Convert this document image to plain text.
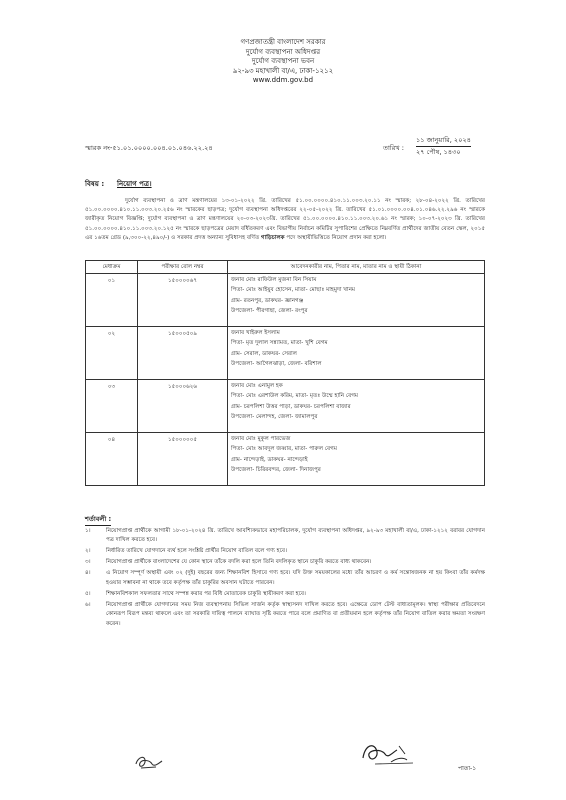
গণপ্রজাতন্ত্রী বাংলাদেশ সরকার
দুর্যোগ ব্যবস্থাপনা অধিদপ্তর
দুর্যোগ ব্যবস্থাপনা ভবন
৯২-৯৩ মহাখালী বা/এ, ঢাকা-১২১২
www.ddm.gov.bd
স্মারক নং-৫১.০১.০০০০.০০৪.০১.০৪৬.২২.২৪	তারিখ :
১১ জানুয়ারি, ২০২৪
২৭ পৌষ, ১৪৩০
বিষয় : নিয়োগ পত্র।
দুর্যোগ ব্যবস্থাপনা ও ত্রাণ মন্ত্রণালয়ের ১৩-০১-২০২২ খ্রি. তারিখের ৫১.০০.০০০০.৪১০.১১.০০৩.২০.১১ নং স্মারক; ২৮-০৪-২০২২ খ্রি. তারিখের ৫১.০০.০০০০.৪১০.১১.০০৩.২০.২৫৬ নং স্মারকের ছাড়পত্র; দুর্যোগ ব্যবস্থাপনা অধিদপ্তরের ২২-০৫-২০২২ খ্রি. তারিখের ৫১.০১.০০০০.০০৪.০১.০৪৬.২২.২৯৬ নং স্মারকে জারীকৃত নিয়োগ বিজ্ঞপ্তি; দুর্যোগ ব্যবস্থাপনা ও ত্রাণ মন্ত্রণালয়ের ২০-০৩-২০২৩খ্রি. তারিখের ৫১.০০.০০০০.৪১০.১১.০০৩.২০.৬১ নং স্মারক; ১০-০৭-২০২৩ খ্রি. তারিখের ৫১.০০.০০০০.৪১০.১১.০০৩.২০.১২৫ নং স্মারকে ছাড়পত্রের মেয়াদ বর্ধিতকরণ এবং বিভাগীয় নির্বাচন কমিটির সুপারিশের প্রেক্ষিতে নিম্নবর্ণিত প্রার্থীদের জাতীয় বেতন স্কেল, ২০১৫ এর ১৬তম গ্রেড (৯,৩০০-২২,৪৯০/-) ও সরকার প্রদত্ত অন্যান্য সুবিধাসহ বর্ণিত গাড়িচালক পদে অস্থায়ীভিত্তিতে নিয়োগ প্রদান করা হলো।
মেধাক্রম	পরীক্ষার রোল নম্বর	আবেদনকারীর নাম, পিতার নাম, মাতার নাম ও স্থায়ী ঠিকানা
০১	১৫০০০০৬৭	জনাব মোঃ রাফিউল মুজনা বিন সিয়াম
পিতা- মোঃ আইয়ুব হোসেন, মাতা- মোছাঃ মাহমুদা খানম
গ্রাম- রতনপুর, ডাকঘর- জ্ঞানগঞ্জ
উপজেলা- পীরগাছা, জেলা- রংপুর

০২	১৫০০০৫০৯	জনাব খাইরুল ইসলাম
পিতা- মৃত দুলাল সন্ন্যামত, মাতা- খুশি বেগম
গ্রাম- সেরাল, ডাকঘর- সেরাল
উপজেলা- আগৈলঝাড়া, জেলা- বরিশাল

০৩	১৫০০০৬২৬	জনাব মোঃ এনামুল হক
পিতা- মোঃ এরশাউল করিম, মাতা- মৃতঃ উম্মে হানি বেগম
গ্রাম- চরপলিশা উত্তর পাড়া, ডাকঘর- চরপলিশা বাজার
উপজেলা- মেলান্দহ, জেলা- জামালপুর

০৪	১৫০০০০০৫	জনাব মোঃ মুকুল পারভেজ
পিতা- মোঃ আবদুল জব্বার, মাতা- পারুল বেগম
গ্রাম- নান্দেড়াই, ডাকঘর- নান্দেড়াই
উপজেলা- চিরিরবন্দর, জেলা- দিনাজপুর
শর্তাবলী :
১।	নিয়োগপ্রাপ্ত প্রার্থীকে আগামী ১৮-০১-২০২৪ খ্রি. তারিখে আবশ্যিকভাবে মহাপরিচালক, দুর্যোগ ব্যবস্থাপনা অধিদপ্তর, ৯২-৯৩ মহাখালী বা/এ, ঢাকা-১২১২ বরাবর যোগদান পত্র দাখিল করতে হবে।
২।	নির্ধারিত তারিখে যোগদানে ব্যর্থ হলে সংশ্লিষ্ট প্রার্থীর নিয়োগ বাতিল বলে গণ্য হবে।
৩।	নিয়োগপ্রাপ্ত প্রার্থীকে বাংলাদেশের যে কোন স্থানে তাঁকে বদলি করা হলে তিনি বদলিকৃত স্থানে চাকুরি করতে বাধ্য থাকবেন।
৪।	এ নিয়োগ সম্পূর্ণ অস্থায়ী এবং ০২ (দুই) বছরের জন্য শিক্ষানবিশ হিসাবে গণ্য হবে। যদি উক্ত সময়কালের মধ্যে তাঁর আচরণ ও কর্ম সন্তোষজনক না হয় কিংবা তাঁর কর্মদক্ষ হওয়ার সম্ভাবনা না থাকে তবে কর্তৃপক্ষ তাঁর চাকুরির অবসান ঘটাতে পারবেন।
৫।	শিক্ষানবিশকাল সফলতার সাথে সম্পন্ন করার পর বিধি মোতাবেক চাকুরি স্থায়ীকরণ করা হবে।
৬।	নিয়োগপ্রাপ্ত প্রার্থীকে যোগদানের সময় নিজ ব্যবস্থাপনায় সিভিল সার্জন কর্তৃক স্বাস্থ্যসনদ দাখিল করতে হবে। এক্ষেত্রে ডোপ টেস্ট বাধ্যতামূলক। স্বাস্থ্য পরীক্ষার প্রতিবেদনে কোনরূপ বিরূপ মন্তব্য থাকলে এবং তা সরকারি দায়িত্ব পালনে ব্যাঘাত সৃষ্টি করতে পারে বলে প্রমাণিত বা প্রতীয়মান হলে কর্তৃপক্ষ তাঁর নিয়োগ বাতিল করার ক্ষমতা সংরক্ষণ করেন।
পাতা-১
